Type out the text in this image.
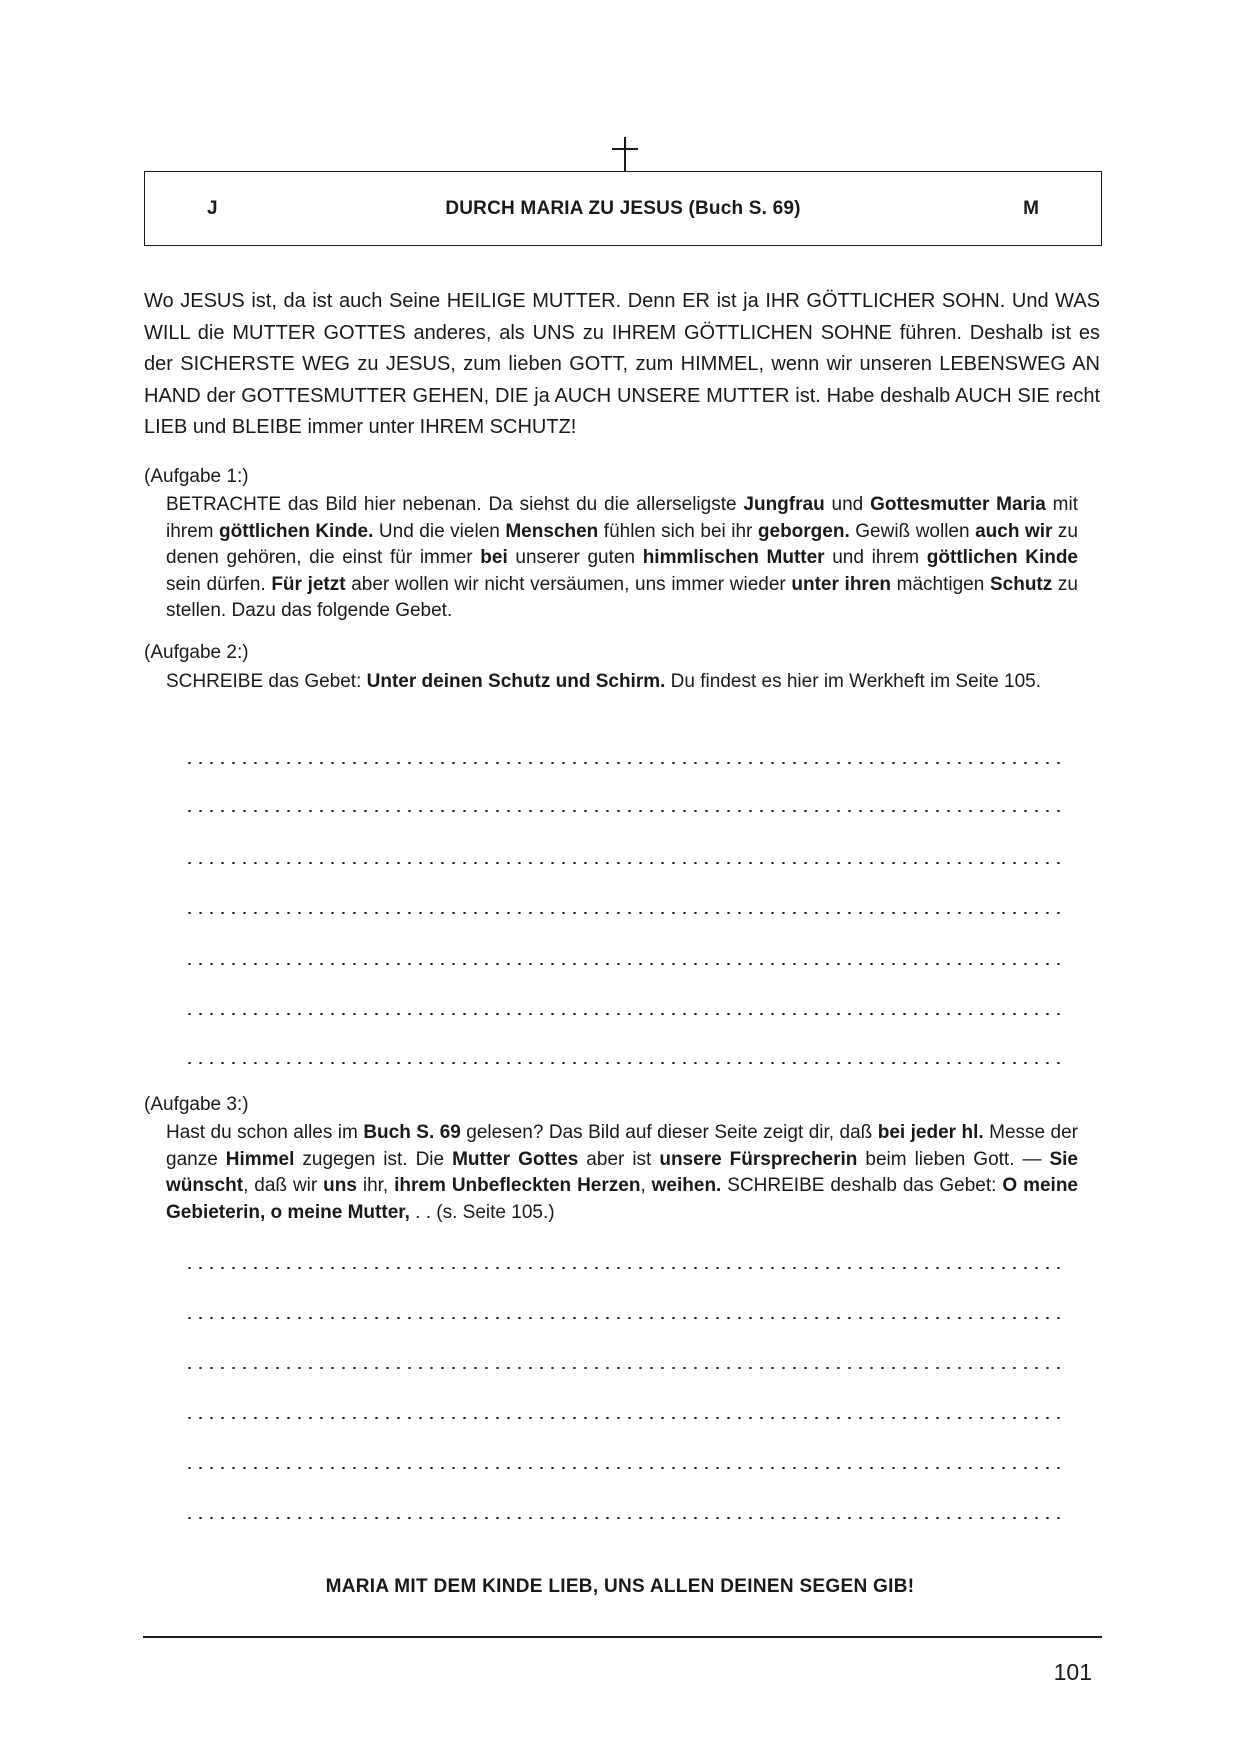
J	DURCH MARIA ZU JESUS (Buch S. 69)	M
Wo JESUS ist, da ist auch Seine HEILIGE MUTTER. Denn ER ist ja IHR GÖTTLICHER SOHN. Und WAS WILL die MUTTER GOTTES anderes, als UNS zu IHREM GÖTTLICHEN SOHNE führen. Deshalb ist es der SICHERSTE WEG zu JESUS, zum lieben GOTT, zum HIMMEL, wenn wir unseren LEBENSWEG AN HAND der GOTTESMUTTER GEHEN, DIE ja AUCH UNSERE MUTTER ist. Habe deshalb AUCH SIE recht LIEB und BLEIBE immer unter IHREM SCHUTZ!
(Aufgabe 1:)
BETRACHTE das Bild hier nebenan. Da siehst du die allerseligste Jungfrau und Gottesmutter Maria mit ihrem göttlichen Kinde. Und die vielen Menschen fühlen sich bei ihr geborgen. Gewiß wollen auch wir zu denen gehören, die einst für immer bei unserer guten himmlischen Mutter und ihrem göttlichen Kinde sein dürfen. Für jetzt aber wollen wir nicht versäumen, uns immer wieder unter ihren mächtigen Schutz zu stellen. Dazu das folgende Gebet.
(Aufgabe 2:)
SCHREIBE das Gebet: Unter deinen Schutz und Schirm. Du findest es hier im Werkheft im Seite 105.
(Aufgabe 3:)
Hast du schon alles im Buch S. 69 gelesen? Das Bild auf dieser Seite zeigt dir, daß bei jeder hl. Messe der ganze Himmel zugegen ist. Die Mutter Gottes aber ist unsere Fürsprecherin beim lieben Gott. — Sie wünscht, daß wir uns ihr, ihrem Unbefleckten Herzen, weihen. SCHREIBE deshalb das Gebet: O meine Gebieterin, o meine Mutter, . . (s. Seite 105.)
MARIA MIT DEM KINDE LIEB, UNS ALLEN DEINEN SEGEN GIB!
101
